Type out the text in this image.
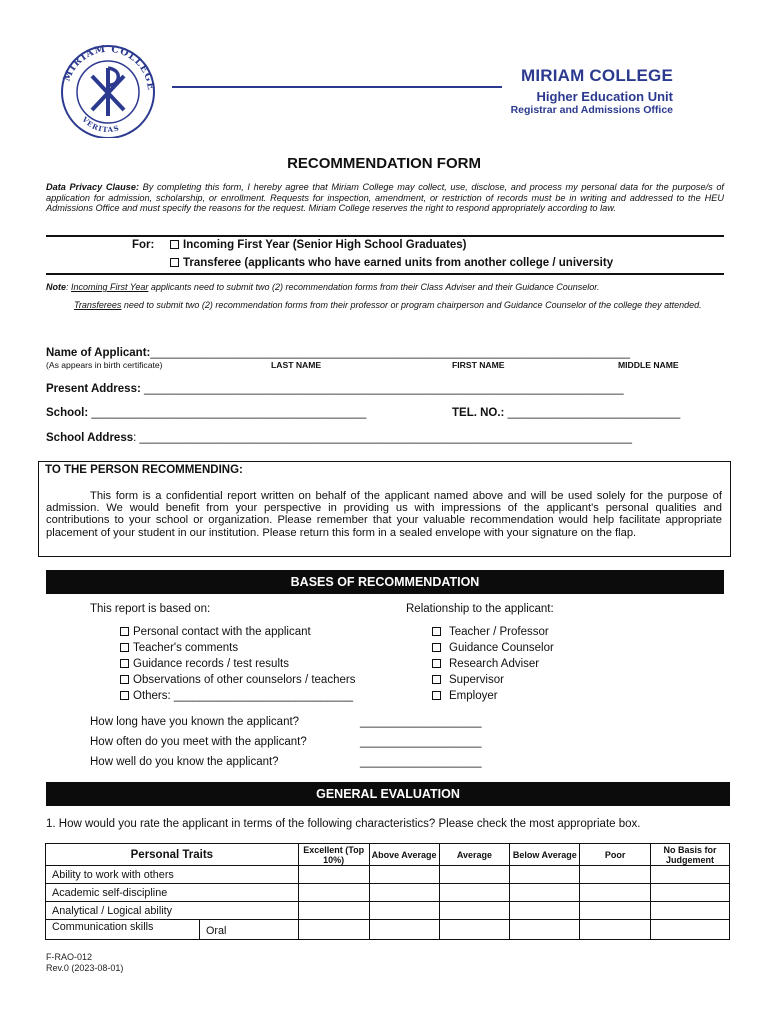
MIRIAM COLLEGE
VERITAS
MIRIAM COLLEGE
Higher Education Unit
Registrar and Admissions Office
RECOMMENDATION FORM
Data Privacy Clause: By completing this form, I hereby agree that Miriam College may collect, use, disclose, and process my personal data for the purpose/s of application for admission, scholarship, or enrollment. Requests for inspection, amendment, or restriction of records must be in writing and addressed to the HEU Admissions Office and must specify the reasons for the request. Miriam College reserves the right to respond appropriately according to law.
For:	Incoming First Year (Senior High School Graduates)
Transferee (applicants who have earned units from another college / university
Note: Incoming First Year applicants need to submit two (2) recommendation forms from their Class Adviser and their Guidance Counselor.
Transferees need to submit two (2) recommendation forms from their professor or program chairperson and Guidance Counselor of the college they attended.
Name of Applicant:___________________________________________________________________________
(As appears in birth certificate)	LAST NAME	FIRST NAME	MIDDLE NAME
Present Address: ___________________________________________________________________________
School: ___________________________________________	TEL. NO.: ___________________________
School Address: _____________________________________________________________________________
TO THE PERSON RECOMMENDING:
This form is a confidential report written on behalf of the applicant named above and will be used solely for the purpose of admission. We would benefit from your perspective in providing us with impressions of the applicant's personal qualities and contributions to your school or organization. Please remember that your valuable recommendation would help facilitate appropriate placement of your student in our institution. Please return this form in a sealed envelope with your signature on the flap.
BASES OF RECOMMENDATION
This report is based on:	Relationship to the applicant:
Personal contact with the applicant
Teacher's comments
Guidance records / test results
Observations of other counselors / teachers
Others: ____________________________
Teacher / Professor
Guidance Counselor
Research Adviser
Supervisor
Employer
How long have you known the applicant?	___________________
How often do you meet with the applicant?	___________________
How well do you know the applicant?	___________________
GENERAL EVALUATION
1. How would you rate the applicant in terms of the following characteristics? Please check the most appropriate box.
Personal Traits	Excellent (Top 10%)	Above Average	Average	Below Average	Poor	No Basis for Judgement
Ability to work with others						
Academic self-discipline						
Analytical / Logical ability						

Communication skills Oral						

F-RAO-012
Rev.0 (2023-08-01)
